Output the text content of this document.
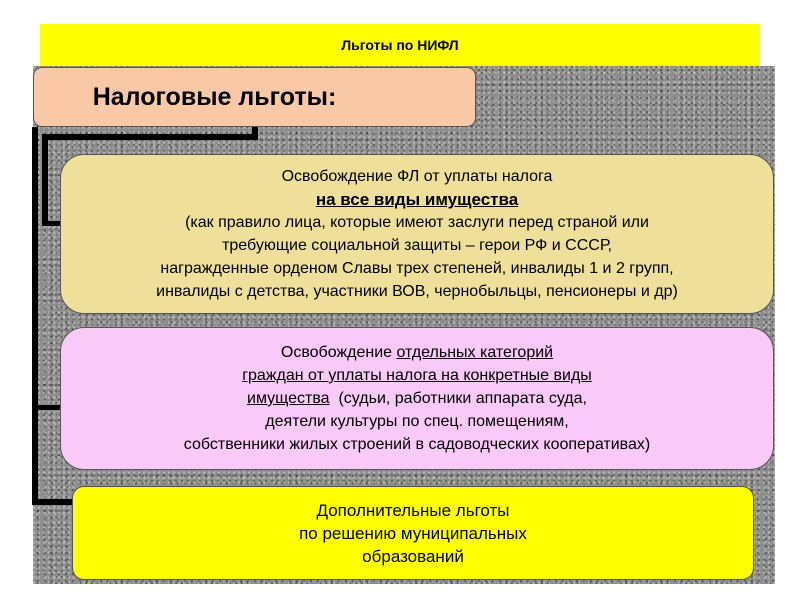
Льготы по НИФЛ
Налоговые льготы:
Освобождение ФЛ от уплаты налога
на все виды имущества
(как правило лица, которые имеют заслуги перед страной или
требующие социальной защиты – герои РФ и СССР,
награжденные орденом Славы трех степеней, инвалиды 1 и 2 групп,
инвалиды с детства, участники ВОВ, чернобыльцы, пенсионеры и др)
Освобождение отдельных категорий
граждан от уплаты налога на конкретные виды
имущества  (судьи, работники аппарата суда,
деятели культуры по спец. помещениям,
собственники жилых строений в садоводческих кооперативах)
Дополнительные льготы
по решению муниципальных
образований
